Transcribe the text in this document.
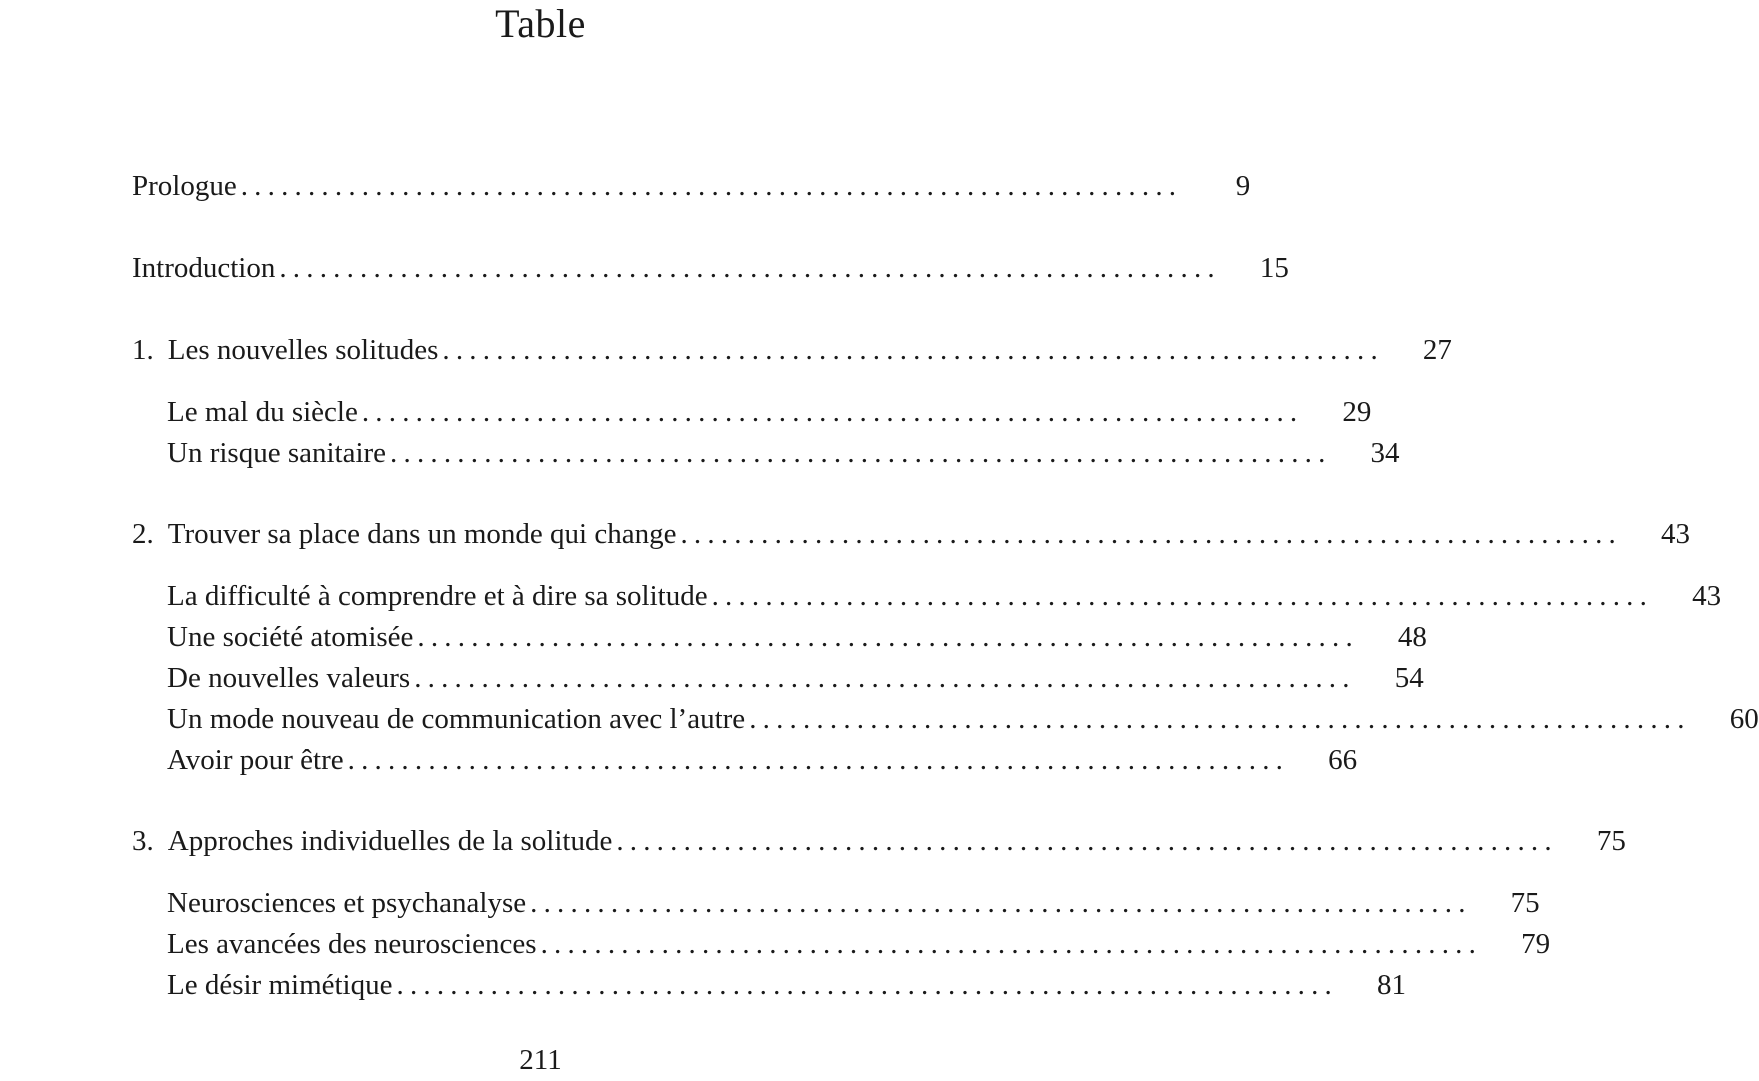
Table
Prologue ......................................................................	9
Introduction ......................................................................	15
1. Les nouvelles solitudes ......................................................................	27
Le mal du siècle ......................................................................	29
Un risque sanitaire ......................................................................	34
2. Trouver sa place dans un monde qui change ......................................................................	43
La difficulté à comprendre et à dire sa solitude ......................................................................	43
Une société atomisée ......................................................................	48
De nouvelles valeurs ......................................................................	54
Un mode nouveau de communication avec l’autre ......................................................................	60
Avoir pour être ......................................................................	66
3. Approches individuelles de la solitude ......................................................................	75
Neurosciences et psychanalyse ......................................................................	75
Les avancées des neurosciences ......................................................................	79
Le désir mimétique ......................................................................	81
211
